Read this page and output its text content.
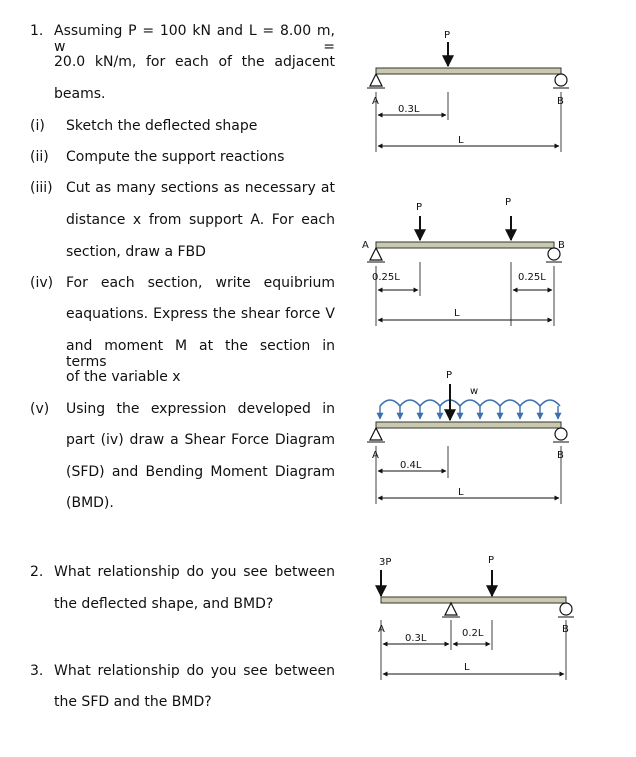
1. Assuming P = 100 kN and L = 8.00 m, w =
20.0 kN/m, for each of the adjacent
beams.
(i) Sketch the deflected shape
(ii) Compute the support reactions
(iii) Cut as many sections as necessary at
distance x from support A. For each
section, draw a FBD
(iv) For each section, write equibrium
eaquations. Express the shear force V
and moment M at the section in terms
of the variable x
(v) Using the expression developed in
part (iv) draw a Shear Force Diagram
(SFD) and Bending Moment Diagram
(BMD).
2. What relationship do you see between
the deflected shape, and BMD?
3. What relationship do you see between
the SFD and the BMD?
P
A	B
0.3L
L
P	P
A	B
0.25L	0.25L
L
w
P
A	B
0.4L
L
3P	P
A	B
0.3L	0.2L
L
